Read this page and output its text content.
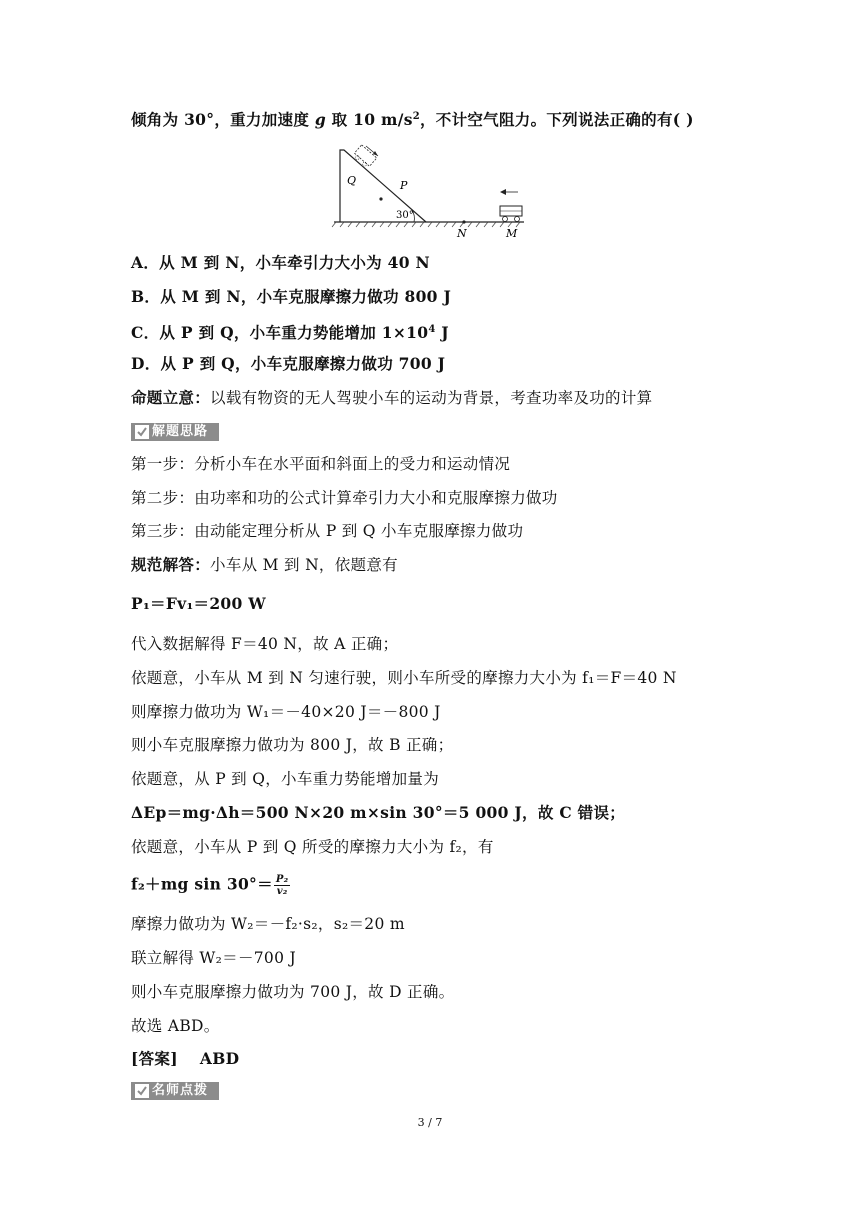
倾角为 30°，重力加速度 g 取 10 $m/s^2$，不计空气阻力。下列说法正确的有( )
30°
Q	P
N	M
A．从 M 到 N，小车牵引力大小为 40 N
B．从 M 到 N，小车克服摩擦力做功 800 J
C．从 P 到 Q，小车重力势能增加 $1\times 10^4$ J
D．从 P 到 Q，小车克服摩擦力做功 700 J
命题立意：以载有物资的无人驾驶小车的运动为背景，考查功率及功的计算
解题思路
第一步：分析小车在水平面和斜面上的受力和运动情况
第二步：由功率和功的公式计算牵引力大小和克服摩擦力做功
第三步：由动能定理分析从 P 到 Q 小车克服摩擦力做功
规范解答：小车从 M 到 N，依题意有
P₁＝Fv₁＝200 W
代入数据解得 F＝40 N，故 A 正确；
依题意，小车从 M 到 N 匀速行驶，则小车所受的摩擦力大小为 f₁＝F＝40 N
则摩擦力做功为 W₁＝－40×20 J＝－800 J
则小车克服摩擦力做功为 800 J，故 B 正确；
依题意，从 P 到 Q，小车重力势能增加量为
ΔEp＝mg·Δh＝500 N×20 m×sin 30°＝5 000 J，故 C 错误；
依题意，小车从 P 到 Q 所受的摩擦力大小为 f₂，有
f₂＋mg $\sin 30^\circ= \frac{\text{P₂}}{\text{v₂}}$
摩擦力做功为 W₂＝－f₂·s₂，s₂＝20 m
联立解得 W₂＝－700 J
则小车克服摩擦力做功为 700 J，故 D 正确。
故选 ABD。
[答案] ABD
名师点拨
3 / 7
